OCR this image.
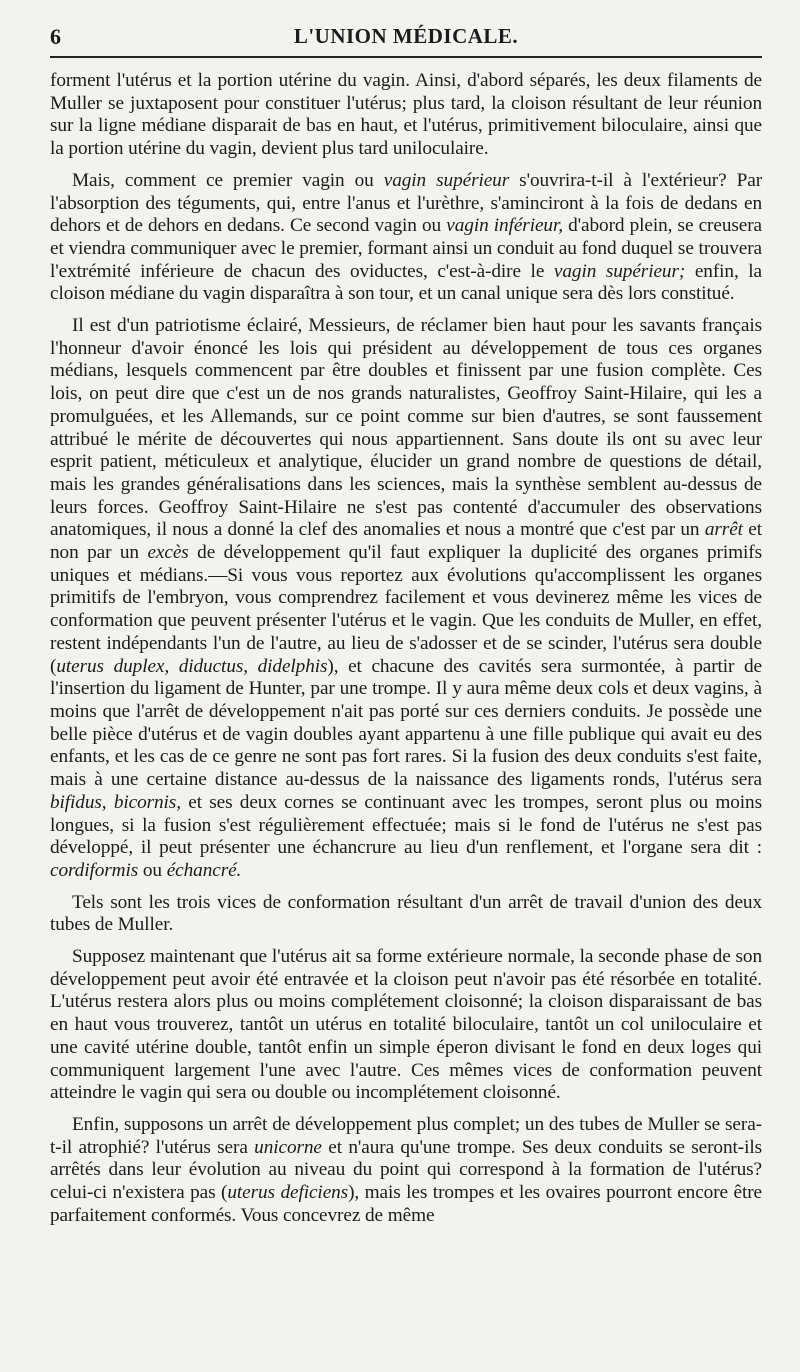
6	L'UNION MÉDICALE.

forment l'utérus et la portion utérine du vagin. Ainsi, d'abord séparés, les deux filaments de Muller se juxtaposent pour constituer l'utérus; plus tard, la cloison résultant de leur réunion sur la ligne médiane disparait de bas en haut, et l'utérus, primitivement biloculaire, ainsi que la portion utérine du vagin, devient plus tard uniloculaire.

Mais, comment ce premier vagin ou vagin supérieur s'ouvrira-t-il à l'extérieur? Par l'absorption des téguments, qui, entre l'anus et l'urèthre, s'aminciront à la fois de dedans en dehors et de dehors en dedans. Ce second vagin ou vagin inférieur, d'abord plein, se creusera et viendra communiquer avec le premier, formant ainsi un conduit au fond duquel se trouvera l'extrémité inférieure de chacun des oviductes, c'est-à-dire le vagin supérieur; enfin, la cloison médiane du vagin disparaîtra à son tour, et un canal unique sera dès lors constitué.

Il est d'un patriotisme éclairé, Messieurs, de réclamer bien haut pour les savants français l'honneur d'avoir énoncé les lois qui président au développement de tous ces organes médians, lesquels commencent par être doubles et finissent par une fusion complète. Ces lois, on peut dire que c'est un de nos grands naturalistes, Geoffroy Saint-Hilaire, qui les a promulguées, et les Allemands, sur ce point comme sur bien d'autres, se sont faussement attribué le mérite de découvertes qui nous appartiennent. Sans doute ils ont su avec leur esprit patient, méticuleux et analytique, élucider un grand nombre de questions de détail, mais les grandes généralisations dans les sciences, mais la synthèse semblent au-dessus de leurs forces. Geoffroy Saint-Hilaire ne s'est pas contenté d'accumuler des observations anatomiques, il nous a donné la clef des anomalies et nous a montré que c'est par un arrêt et non par un excès de développement qu'il faut expliquer la duplicité des organes primifs uniques et médians.—Si vous vous reportez aux évolutions qu'accomplissent les organes primitifs de l'embryon, vous comprendrez facilement et vous devinerez même les vices de conformation que peuvent présenter l'utérus et le vagin. Que les conduits de Muller, en effet, restent indépendants l'un de l'autre, au lieu de s'adosser et de se scinder, l'utérus sera double (uterus duplex, diductus, didelphis), et chacune des cavités sera surmontée, à partir de l'insertion du ligament de Hunter, par une trompe. Il y aura même deux cols et deux vagins, à moins que l'arrêt de développement n'ait pas porté sur ces derniers conduits. Je possède une belle pièce d'utérus et de vagin doubles ayant appartenu à une fille publique qui avait eu des enfants, et les cas de ce genre ne sont pas fort rares. Si la fusion des deux conduits s'est faite, mais à une certaine distance au-dessus de la naissance des ligaments ronds, l'utérus sera bifidus, bicornis, et ses deux cornes se continuant avec les trompes, seront plus ou moins longues, si la fusion s'est régulièrement effectuée; mais si le fond de l'utérus ne s'est pas développé, il peut présenter une échancrure au lieu d'un renflement, et l'organe sera dit : cordiformis ou échancré.

Tels sont les trois vices de conformation résultant d'un arrêt de travail d'union des deux tubes de Muller.

Supposez maintenant que l'utérus ait sa forme extérieure normale, la seconde phase de son développement peut avoir été entravée et la cloison peut n'avoir pas été résorbée en totalité. L'utérus restera alors plus ou moins complétement cloisonné; la cloison disparaissant de bas en haut vous trouverez, tantôt un utérus en totalité biloculaire, tantôt un col uniloculaire et une cavité utérine double, tantôt enfin un simple éperon divisant le fond en deux loges qui communiquent largement l'une avec l'autre. Ces mêmes vices de conformation peuvent atteindre le vagin qui sera ou double ou incomplétement cloisonné.

Enfin, supposons un arrêt de développement plus complet; un des tubes de Muller se sera-t-il atrophié? l'utérus sera unicorne et n'aura qu'une trompe. Ses deux conduits se seront-ils arrêtés dans leur évolution au niveau du point qui correspond à la formation de l'utérus? celui-ci n'existera pas (uterus deficiens), mais les trompes et les ovaires pourront encore être parfaitement conformés. Vous concevrez de même
